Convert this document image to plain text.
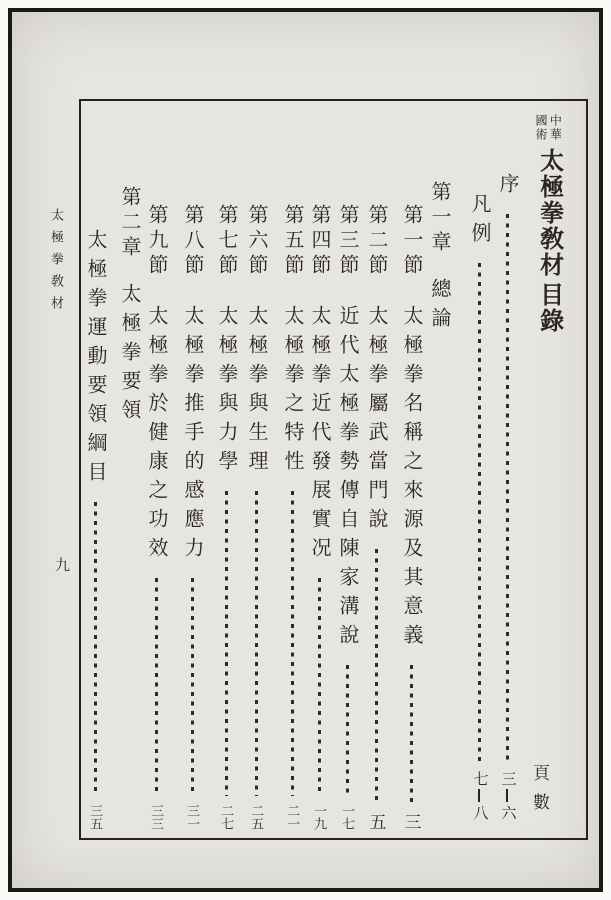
太極拳敎材
九
中華
國術
太極拳敎材
目錄
頁數
序
三
六
凡例
七
八
第一章
總論
第一節
太極拳名稱之來源及其意義
三
第二節
太極拳屬武當門說
五
第三節
近代太極拳勢傳自陳家溝說
一七
第四節
太極拳近代發展實况
一九
第五節
太極拳之特性
二一
第六節
太極拳與生理
二五
第七節
太極拳與力學
二七
第八節
太極拳推手的感應力
三一
第九節
太極拳於健康之功效
三三
第二章
太極拳要領
太極拳運動要領綱目
三五
